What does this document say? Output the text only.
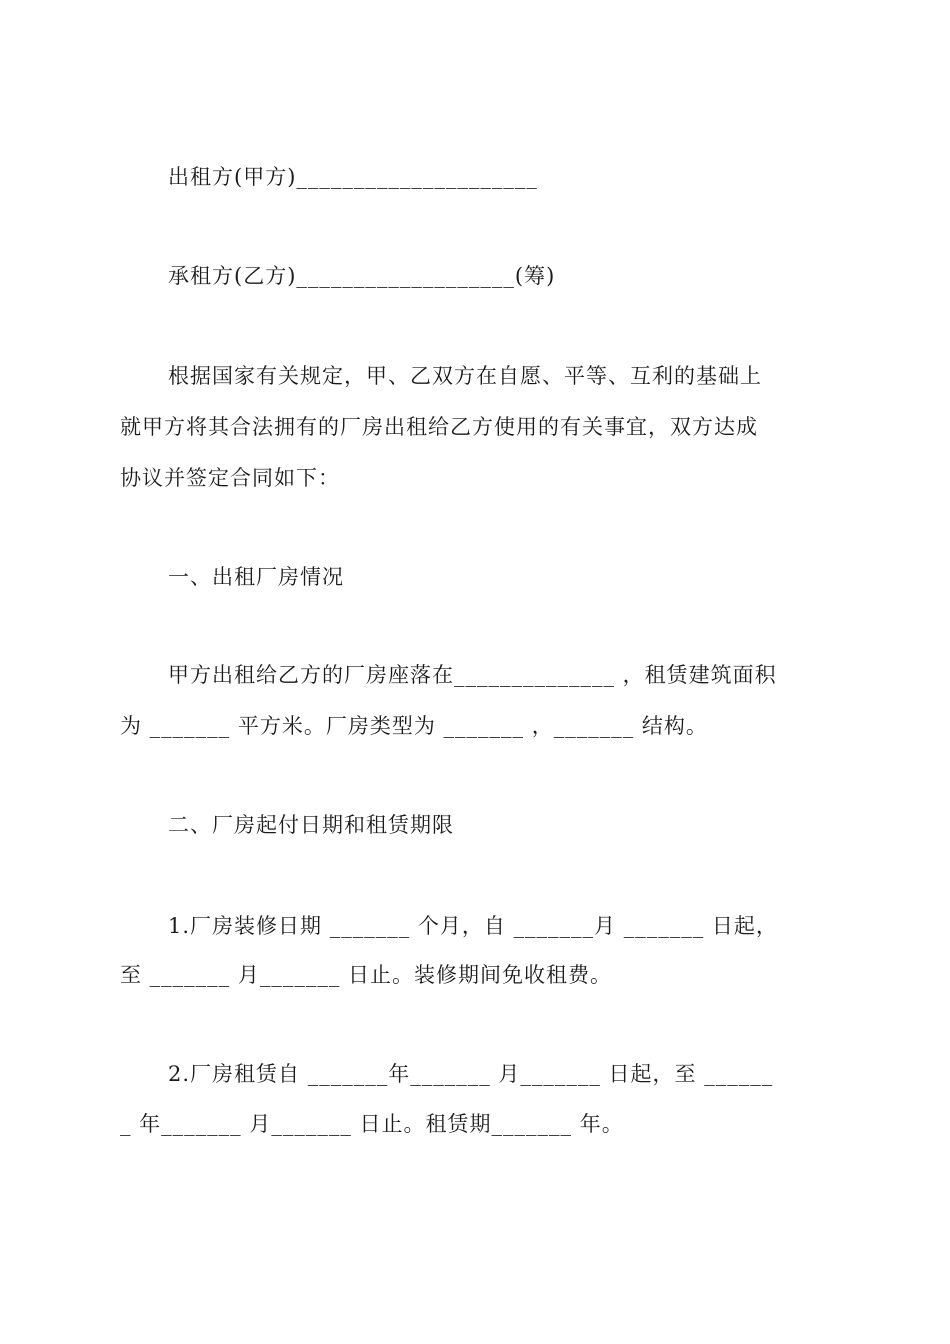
出租方(甲方)_____________________
承租方(乙方)___________________(筹)
根据国家有关规定，甲、乙双方在自愿、平等、互利的基础上
就甲方将其合法拥有的厂房出租给乙方使用的有关事宜，双方达成
协议并签定合同如下：
一、出租厂房情况
甲方出租给乙方的厂房座落在______________ ，租赁建筑面积
为 _______ 平方米。厂房类型为 _______ ，_______ 结构。
二、厂房起付日期和租赁期限
1.厂房装修日期 _______ 个月，自 _______月 _______ 日起，
至 _______ 月_______ 日止。装修期间免收租费。
2.厂房租赁自 _______年_______ 月_______ 日起，至 ______
_ 年_______ 月_______ 日止。租赁期_______ 年。
